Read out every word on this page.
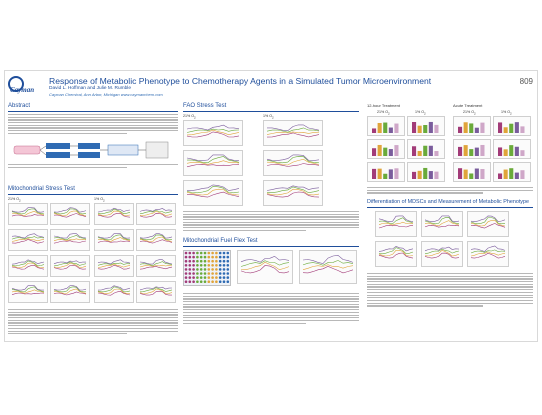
Cayman
Response of Metabolic Phenotype to Chemotherapy Agents in a Simulated Tumor Microenvironment
David L. Hoffman and Julie M. Rumble
Cayman Chemical, Ann Arbor, Michigan www.caymanchem.com
809
Abstract
Mitochondrial Stress Test
21% $O_2$	1% $O_2$
FAO Stress Test
21% $O_2$	1% $O_2$
Mitochondrial Fuel Flex Test
12-hour Treatment	Acute Treatment
21% $O_2$	1% $O_2$	21% $O_2$	1% $O_2$
Differentiation of MDSCs and Measurement of Metabolic Phenotype
